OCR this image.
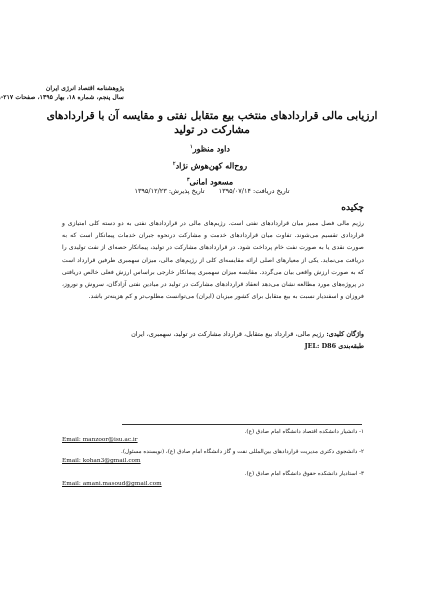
پژوهشنامه اقتصاد انرژی ایران
سال پنجم، شماره ۱۸، بهار ۱۳۹۵، صفحات ۲۱۷-
ارزیابی مالی قراردادهای منتخب بیع متقابل نفتی و مقایسه آن با قراردادهای مشارکت در تولید
داود منظور$^۱$
روح‌اله کهن‌هوش نژاد$^۲$
مسعود امانی$^۳$
تاریخ دریافت: ۱۳۹۵/۰۷/۱۴ تاریخ پذیرش: ۱۳۹۵/۱۲/۲۳
چکیده
رژیم مالی فصل ممیز میان قراردادهای نفتی است. رژیم‌های مالی در قراردادهای نفتی به دو دسته کلی امتیازی و قراردادی تقسیم می‌شوند. تفاوت میان قراردادهای خدمت و مشارکت درنحوه جبران خدمات پیمانکار است که به صورت نقدی یا به صورت نفت خام پرداخت شود. در قراردادهای مشارکت در تولید، پیمانکار حصه‌ای از نفت تولیدی را دریافت می‌نماید. یکی از معیارهای اصلی ارائه مقایسه‌ای کلی از رژیم‌های مالی، میزان سهمبری طرفین قرارداد است که به صورت ارزش واقعی بیان می‌گردد. مقایسه میزان سهمبری پیمانکار خارجی براساس ارزش فعلی خالص دریافتی در پروژه‌های مورد مطالعه نشان می‌دهد انعقاد قراردادهای مشارکت در تولید در میادین نفتی آزادگان، سروش و نوروز، فروزان و اسفندیار نسبت به بیع متقابل برای کشور میزبان (ایران) می‌توانست مطلوب‌تر و کم هزینه‌تر باشد.
واژگان کلیدی: رژیم مالی، قرارداد بیع متقابل، قرارداد مشارکت در تولید، سهمبری، ایران
طبقه‌بندی JEL: D86
۱- دانشیار دانشکده اقتصاد دانشگاه امام صادق (ع).
Email: manzoor@isu.ac.ir
۲- دانشجوی دکتری مدیریت قراردادهای بین‌المللی نفت و گاز دانشگاه امام صادق (ع)، (نویسنده مسئول).
Email: kohan3@gmail.com
۳- استادیار دانشکده حقوق دانشگاه امام صادق (ع).
Email: amani.masoud@gmail.com
